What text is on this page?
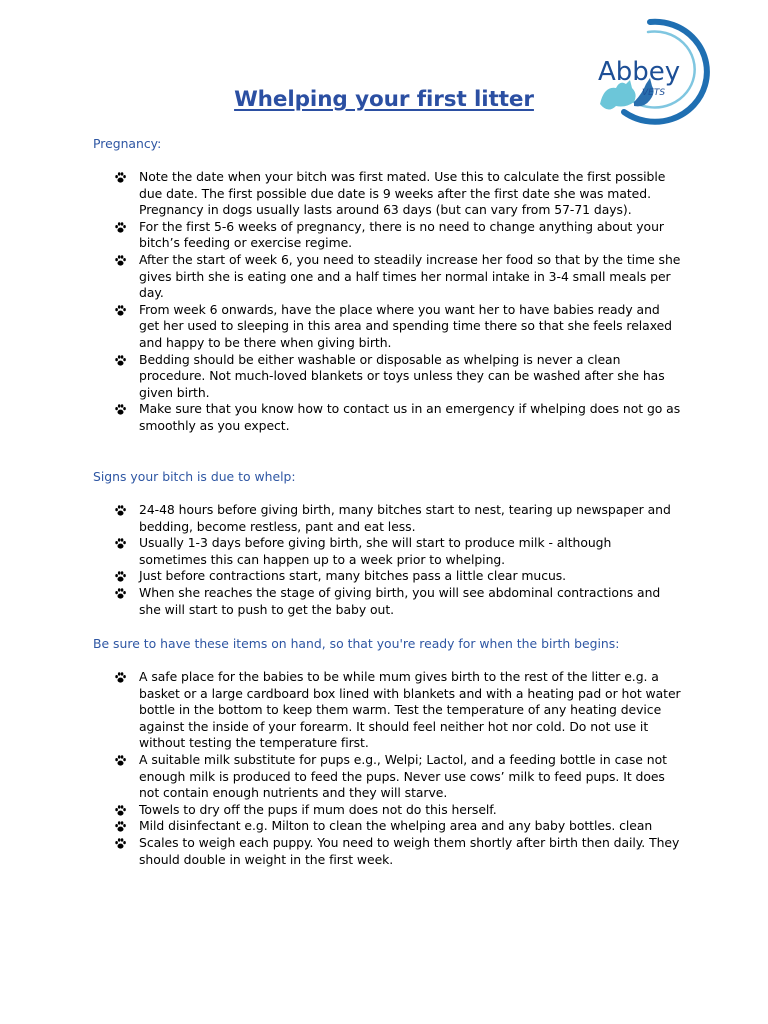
Abbey
VETS
Whelping your first litter
Pregnancy:
Note the date when your bitch was first mated. Use this to calculate the first possible due date. The first possible due date is 9 weeks after the first date she was mated. Pregnancy in dogs usually lasts around 63 days (but can vary from 57-71 days).
For the first 5-6 weeks of pregnancy, there is no need to change anything about your bitch’s feeding or exercise regime.
After the start of week 6, you need to steadily increase her food so that by the time she gives birth she is eating one and a half times her normal intake in 3-4 small meals per day.
From week 6 onwards, have the place where you want her to have babies ready and get her used to sleeping in this area and spending time there so that she feels relaxed and happy to be there when giving birth.
Bedding should be either washable or disposable as whelping is never a clean procedure. Not much-loved blankets or toys unless they can be washed after she has given birth.
Make sure that you know how to contact us in an emergency if whelping does not go as smoothly as you expect.
Signs your bitch is due to whelp:
24-48 hours before giving birth, many bitches start to nest, tearing up newspaper and bedding, become restless, pant and eat less.
Usually 1-3 days before giving birth, she will start to produce milk - although sometimes this can happen up to a week prior to whelping.
Just before contractions start, many bitches pass a little clear mucus.
When she reaches the stage of giving birth, you will see abdominal contractions and she will start to push to get the baby out.
Be sure to have these items on hand, so that you're ready for when the birth begins:
A safe place for the babies to be while mum gives birth to the rest of the litter e.g. a basket or a large cardboard box lined with blankets and with a heating pad or hot water bottle in the bottom to keep them warm. Test the temperature of any heating device against the inside of your forearm. It should feel neither hot nor cold. Do not use it without testing the temperature first.
A suitable milk substitute for pups e.g., Welpi; Lactol, and a feeding bottle in case not enough milk is produced to feed the pups. Never use cows’ milk to feed pups. It does not contain enough nutrients and they will starve.
Towels to dry off the pups if mum does not do this herself.
Mild disinfectant e.g. Milton to clean the whelping area and any baby bottles. clean
Scales to weigh each puppy. You need to weigh them shortly after birth then daily. They should double in weight in the first week.
